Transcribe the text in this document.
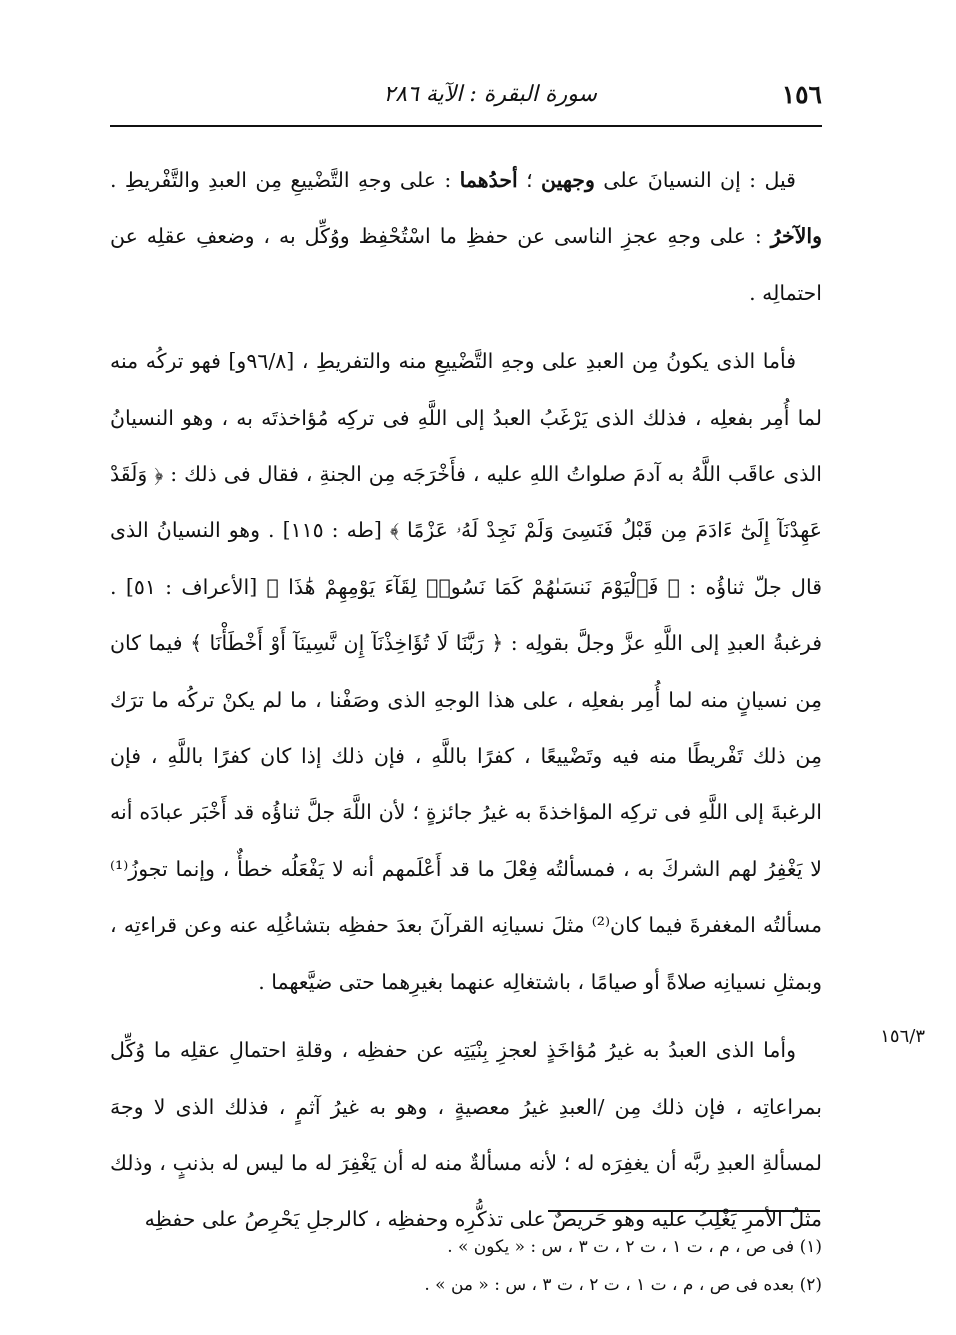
١٥٦
سورة البقرة : الآية ٢٨٦

قيل : إن النسيانَ على وجهين ؛ أحدُهما : على وجهِ التَّضْييعِ مِن العبدِ والتَّفْريطِ . والآخرُ : على وجهِ عجزِ الناسى عن حفظِ ما اسْتُحْفِظ ووُكِّل به ، وضعفِ عقلِه عن احتمالِه .

فأما الذى يكونُ مِن العبدِ على وجهِ التَّضْييعِ منه والتفريطِ ، [٩٦/٨و] فهو تركُه منه لما أُمِر بفعلِه ، فذلك الذى يَرْغَبُ العبدُ إلى اللَّهِ فى تركِه مُؤاخذتَه به ، وهو النسيانُ الذى عاقَب اللَّهُ به آدمَ صلواتُ اللهِ عليه ، فأَخْرَجَه مِن الجنةِ ، فقال فى ذلك : ﴿ وَلَقَدْ عَهِدْنَآ إِلَىٰٓ ءَادَمَ مِن قَبْلُ فَنَسِىَ وَلَمْ نَجِدْ لَهُۥ عَزْمًا ﴾ [طه : ١١٥] . وهو النسيانُ الذى قال جلّ ثناؤُه : ﴿ فَٱلْيَوْمَ نَنسَىٰهُمْ كَمَا نَسُوا۟ لِقَآءَ يَوْمِهِمْ هَٰذَا ﴾ [الأعراف : ٥١] . فرغبةُ العبدِ إلى اللَّهِ عزَّ وجلَّ بقولِه : ﴿ رَبَّنَا لَا تُؤَاخِذْنَآ إِن نَّسِينَآ أَوْ أَخْطَأْنَا ﴾ فيما كان مِن نسيانٍ منه لما أُمِر بفعلِه ، على هذا الوجهِ الذى وصَفْنا ، ما لم يكنْ تركُه ما ترَك مِن ذلك تَفْريطًا منه فيه وتَضْييعًا ، كفرًا باللَّهِ ، فإن ذلك إذا كان كفرًا باللَّهِ ، فإن الرغبةَ إلى اللَّهِ فى تركِه المؤاخذةَ به غيرُ جائزةٍ ؛ لأن اللَّهَ جلَّ ثناؤُه قد أَخْبَر عبادَه أنه لا يَغْفِرُ لهم الشركَ به ، فمسألتُه فِعْلَ ما قد أَعْلَمهم أنه لا يَفْعَلُه خطأٌ ، وإنما تجوزُ⁽¹⁾ مسألتُه المغفرةَ فيما كان⁽²⁾ مثلَ نسيانِه القرآنَ بعدَ حفظِه بتشاغُلِه عنه وعن قراءتِه ، وبمثلِ نسيانِه صلاةً أو صيامًا ، باشتغالِه عنهما بغيرِهما حتى ضيَّعهما .

وأما الذى العبدُ به غيرُ مُؤاخَذٍ لعجزِ بِنْيَتِه عن حفظِه ، وقلةِ احتمالِ عقلِه ما وُكِّل بمراعاتِه ، فإن ذلك مِن /العبدِ غيرُ معصيةٍ ، وهو به غيرُ آثمٍ ، فذلك الذى لا وجهَ لمسألةِ العبدِ ربَّه أن يغفِرَه له ؛ لأنه مسألةٌ منه له أن يَغْفِرَ له ما ليس له بذنبٍ ، وذلك مثلُ الأمرِ يَغْلِبُ عليه وهو حَريصٌ على تذكُّرِه وحفظِه ، كالرجلِ يَحْرِصُ على حفظِه

١٥٦/٣
(١) فى ص ، م ، ت ١ ، ت ٢ ، ت ٣ ، س : « يكون » .
(٢) بعده فى ص ، م ، ت ١ ، ت ٢ ، ت ٣ ، س : « من » .
